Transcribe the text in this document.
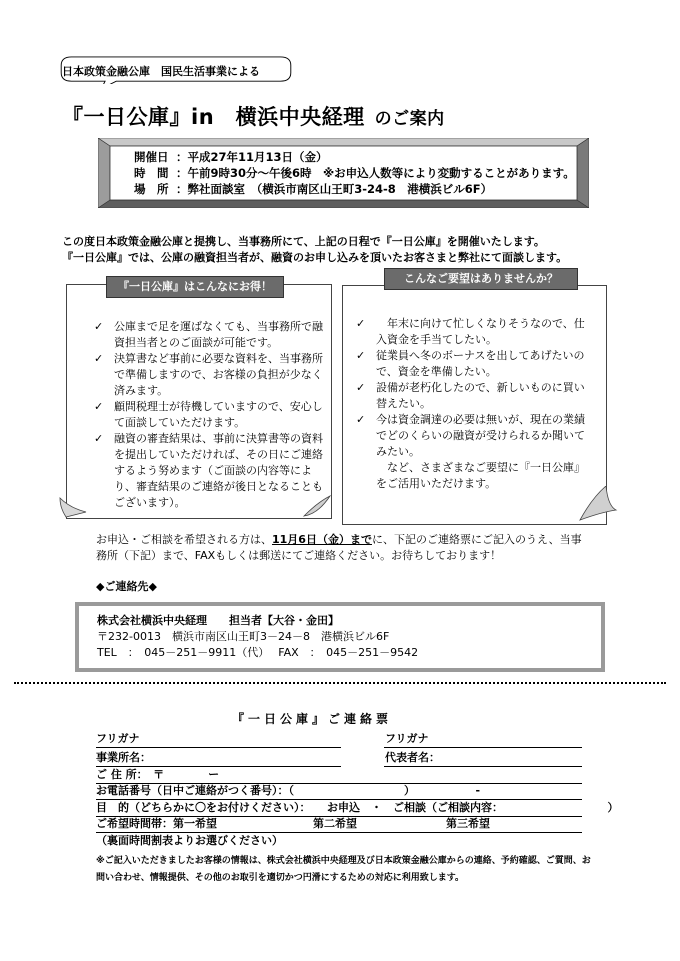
日本政策金融公庫　国民生活事業による
『一日公庫』in　横浜中央経理 のご案内
開催日 ：平成27年11月13日（金）
時　間 ：午前9時30分～午後6時　※お申込人数等により変動することがあります。
場　所 ：弊社面談室　（横浜市南区山王町3-24-8　港横浜ビル6F）
この度日本政策金融公庫と提携し、当事務所にて、上記の日程で『一日公庫』を開催いたします。
『一日公庫』では、公庫の融資担当者が、融資のお申し込みを頂いたお客さまと弊社にて面談します。
『一日公庫』はこんなにお得！
✓ 公庫まで足を運ばなくても、当事務所で融資担当者とのご面談が可能です。
✓ 決算書など事前に必要な資料を、当事務所で準備しますので、お客様の負担が少なく済みます。
✓ 顧問税理士が待機していますので、安心して面談していただけます。
✓ 融資の審査結果は、事前に決算書等の資料を提出していただければ、その日にご連絡するよう努めます（ご面談の内容等により、審査結果のご連絡が後日となることもございます）。
こんなご要望はありませんか？
✓ 　年末に向けて忙しくなりそうなので、仕入資金を手当てしたい。
✓ 従業員へ冬のボーナスを出してあげたいので、資金を準備したい。
✓ 設備が老朽化したので、新しいものに買い替えたい。
✓ 今は資金調達の必要は無いが、現在の業績でどのくらいの融資が受けられるか聞いてみたい。
　など、さまざまなご要望に『一日公庫』をご活用いただけます。
お申込・ご相談を希望される方は、11月6日（金）までに、下記のご連絡票にご記入のうえ、当事
務所（下記）まで、FAXもしくは郵送にてご連絡ください。お待ちしております！
◆ご連絡先◆
株式会社横浜中央経理　　担当者【大谷・金田】
〒232-0013　横浜市南区山王町3－24－8　港横浜ビル6F
TEL　：　045－251－9911（代）　 FAX　：　045－251－9542
『一日公庫』ご連絡票
フリガナ	フリガナ
事業所名：	代表者名：
ご 住 所：　〒　　　　ー
お電話番号（日中ご連絡がつく番号）：（　　　　　　　　　　）　　　　　　-
目　的（どちらかに〇をお付けください）：　　お申込　・　ご相談（ご相談内容：　　　　　　　　　　）
ご希望時間帯：第一希望	第二希望	第三希望
（裏面時間割表よりお選びください）
※ご記入いただきましたお客様の情報は、株式会社横浜中央経理及び日本政策金融公庫からの連絡、予約確認、ご質問、お問い合わせ、情報提供、その他のお取引を適切かつ円滑にするための対応に利用致します。
